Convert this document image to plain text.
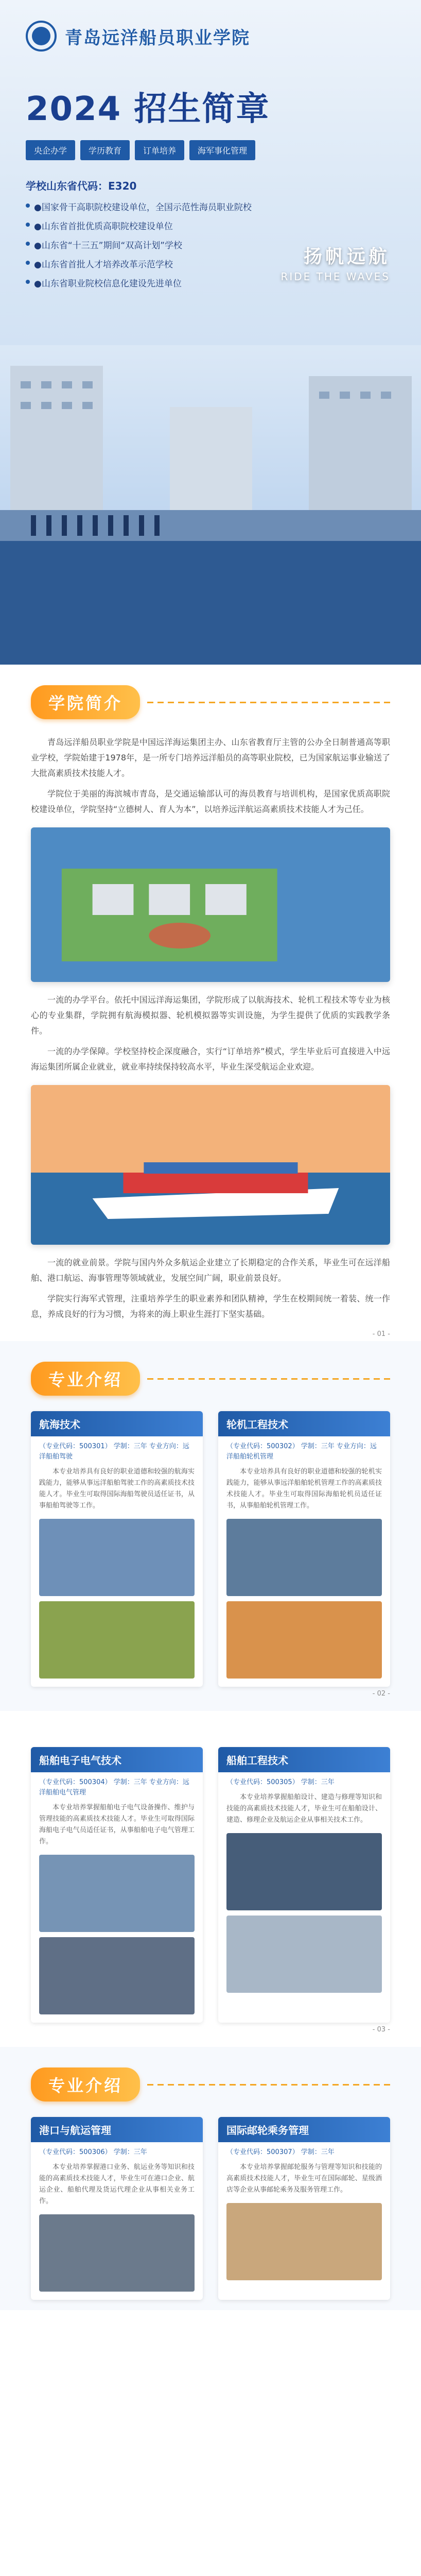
青岛远洋船员职业学院
2024 招生简章
央企办学	学历教育	订单培养	海军事化管理
学校山东省代码：E320
●国家骨干高职院校建设单位，全国示范性海员职业院校
●山东省首批优质高职院校建设单位
●山东省“十三五”期间“双高计划”学校
●山东省首批人才培养改革示范学校
●山东省职业院校信息化建设先进单位
扬帆远航
RIDE THE WAVES
学院简介

青岛远洋船员职业学院是中国远洋海运集团主办、山东省教育厅主管的公办全日制普通高等职业学校，学院始建于1978年，是一所专门培养远洋船员的高等职业院校，已为国家航运事业输送了大批高素质技术技能人才。

学院位于美丽的海滨城市青岛，是交通运输部认可的海员教育与培训机构，是国家优质高职院校建设单位，学院坚持“立德树人、育人为本”，以培养远洋航运高素质技术技能人才为己任。

一流的办学平台。依托中国远洋海运集团，学院形成了以航海技术、轮机工程技术等专业为核心的专业集群，学院拥有航海模拟器、轮机模拟器等实训设施，为学生提供了优质的实践教学条件。

一流的办学保障。学校坚持校企深度融合，实行“订单培养”模式，学生毕业后可直接进入中远海运集团所属企业就业，就业率持续保持较高水平，毕业生深受航运企业欢迎。

一流的就业前景。学院与国内外众多航运企业建立了长期稳定的合作关系，毕业生可在远洋船舶、港口航运、海事管理等领域就业，发展空间广阔，职业前景良好。

学院实行海军式管理，注重培养学生的职业素养和团队精神，学生在校期间统一着装、统一作息，养成良好的行为习惯，为将来的海上职业生涯打下坚实基础。

- 01 -
专业介绍
航海技术
（专业代码：500301） 学制：三年 专业方向：远洋船舶驾驶
本专业培养具有良好的职业道德和较强的航海实践能力，能够从事远洋船舶驾驶工作的高素质技术技能人才。毕业生可取得国际海船驾驶员适任证书，从事船舶驾驶等工作。
轮机工程技术
（专业代码：500302） 学制：三年 专业方向：远洋船舶轮机管理
本专业培养具有良好的职业道德和较强的轮机实践能力，能够从事远洋船舶轮机管理工作的高素质技术技能人才。毕业生可取得国际海船轮机员适任证书，从事船舶轮机管理工作。
- 02 -
船舶电子电气技术
（专业代码：500304） 学制：三年 专业方向：远洋船舶电气管理
本专业培养掌握船舶电子电气设备操作、维护与管理技能的高素质技术技能人才。毕业生可取得国际海船电子电气员适任证书，从事船舶电子电气管理工作。
船舶工程技术
（专业代码：500305） 学制：三年
本专业培养掌握船舶设计、建造与修理等知识和技能的高素质技术技能人才，毕业生可在船舶设计、建造、修理企业及航运企业从事相关技术工作。
- 03 -
专业介绍
港口与航运管理
（专业代码：500306） 学制：三年
本专业培养掌握港口业务、航运业务等知识和技能的高素质技术技能人才，毕业生可在港口企业、航运企业、船舶代理及货运代理企业从事相关业务工作。
国际邮轮乘务管理
（专业代码：500307） 学制：三年
本专业培养掌握邮轮服务与管理等知识和技能的高素质技术技能人才，毕业生可在国际邮轮、星级酒店等企业从事邮轮乘务及服务管理工作。
